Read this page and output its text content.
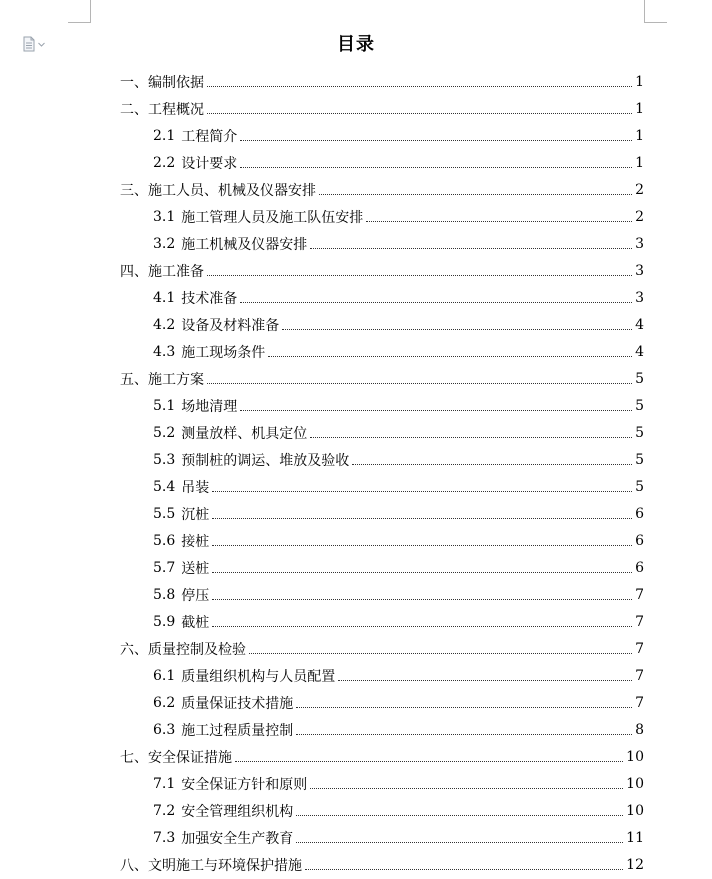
目录
一、编制依据	1
二、工程概况	1
2.1 工程简介	1
2.2 设计要求	1
三、施工人员、机械及仪器安排	2
3.1 施工管理人员及施工队伍安排	2
3.2 施工机械及仪器安排	3
四、施工准备	3
4.1 技术准备	3
4.2 设备及材料准备	4
4.3 施工现场条件	4
五、施工方案	5
5.1 场地清理	5
5.2 测量放样、机具定位	5
5.3 预制桩的调运、堆放及验收	5
5.4 吊装	5
5.5 沉桩	6
5.6 接桩	6
5.7 送桩	6
5.8 停压	7
5.9 截桩	7
六、质量控制及检验	7
6.1 质量组织机构与人员配置	7
6.2 质量保证技术措施	7
6.3 施工过程质量控制	8
七、安全保证措施	10
7.1 安全保证方针和原则	10
7.2 安全管理组织机构	10
7.3 加强安全生产教育	11
八、文明施工与环境保护措施	12
